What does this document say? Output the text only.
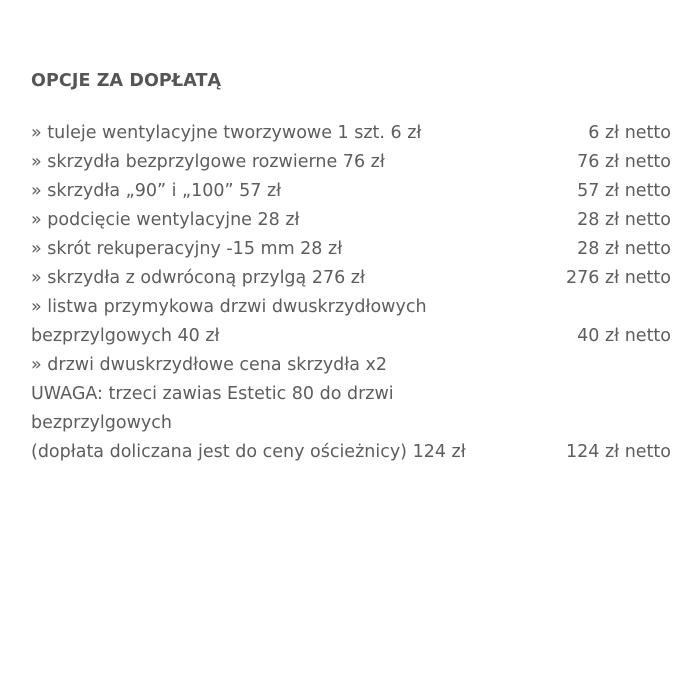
OPCJE ZA DOPŁATĄ
» tuleje wentylacyjne tworzywowe 1 szt. 6 zł	6 zł netto
» skrzydła bezprzylgowe rozwierne 76 zł	76 zł netto
» skrzydła „90” i „100” 57 zł	57 zł netto
» podcięcie wentylacyjne 28 zł	28 zł netto
» skrót rekuperacyjny -15 mm 28 zł	28 zł netto
» skrzydła z odwróconą przylgą 276 zł	276 zł netto
» listwa przymykowa drzwi dwuskrzydłowych
bezprzylgowych 40 zł	40 zł netto
» drzwi dwuskrzydłowe cena skrzydła x2
UWAGA: trzeci zawias Estetic 80 do drzwi
bezprzylgowych
(dopłata doliczana jest do ceny ościeżnicy) 124 zł	124 zł netto
